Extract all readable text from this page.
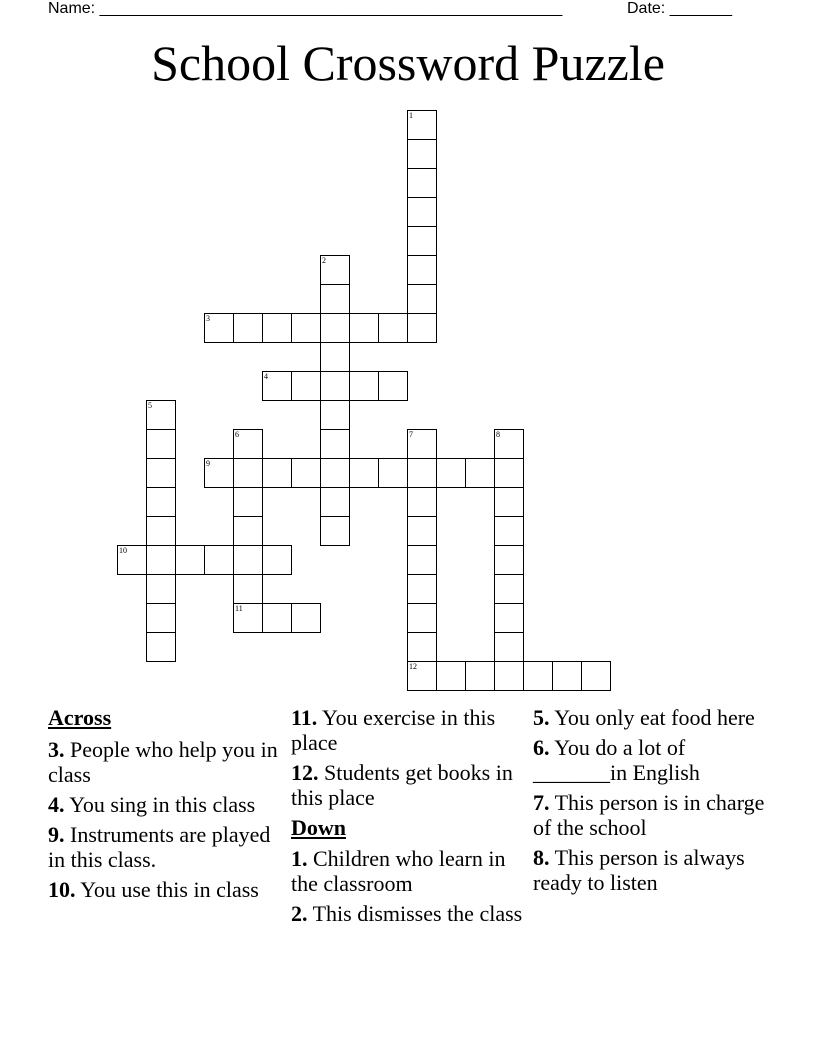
Name: ____________________________________________________	Date: _______
School Crossword Puzzle
1
2
3
4
5
6
11
7
12
8
9
10
Across
3. People who help you in class
4. You sing in this class
9. Instruments are played in this class.
10. You use this in class
11. You exercise in this place
12. Students get books in this place
Down
1. Children who learn in the classroom
2. This dismisses the class
5. You only eat food here
6. You do a lot of _______in English
7. This person is in charge of the school
8. This person is always ready to listen
